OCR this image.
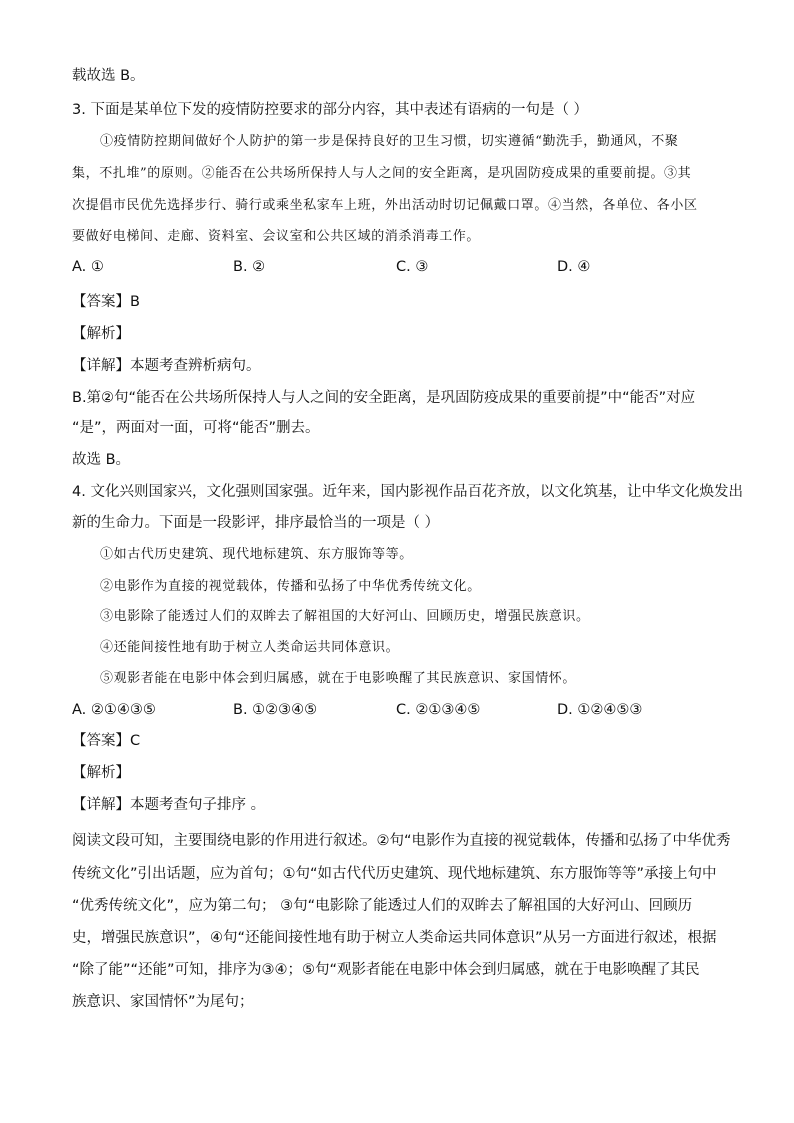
载故选 B。
3. 下面是某单位下发的疫情防控要求的部分内容，其中表述有语病的一句是（ ）
①疫情防控期间做好个人防护的第一步是保持良好的卫生习惯，切实遵循“勤洗手，勤通风，不聚
集，不扎堆”的原则。②能否在公共场所保持人与人之间的安全距离，是巩固防疫成果的重要前提。③其
次提倡市民优先选择步行、骑行或乘坐私家车上班，外出活动时切记佩戴口罩。④当然，各单位、各小区
要做好电梯间、走廊、资料室、会议室和公共区域的消杀消毒工作。
【答案】B
【解析】
【详解】本题考查辨析病句。
B.第②句“能否在公共场所保持人与人之间的安全距离，是巩固防疫成果的重要前提”中“能否”对应
“是”，两面对一面，可将“能否”删去。
故选 B。
4. 文化兴则国家兴，文化强则国家强。近年来，国内影视作品百花齐放，以文化筑基，让中华文化焕发出
新的生命力。下面是一段影评，排序最恰当的一项是（ ）
①如古代历史建筑、现代地标建筑、东方服饰等等。
②电影作为直接的视觉载体，传播和弘扬了中华优秀传统文化。
③电影除了能透过人们的双眸去了解祖国的大好河山、回顾历史，增强民族意识。
④还能间接性地有助于树立人类命运共同体意识。
⑤观影者能在电影中体会到归属感，就在于电影唤醒了其民族意识、家国情怀。
【答案】C
【解析】
【详解】本题考查句子排序 。
阅读文段可知，主要围绕电影的作用进行叙述。②句“电影作为直接的视觉载体，传播和弘扬了中华优秀
传统文化”引出话题，应为首句；①句“如古代代历史建筑、现代地标建筑、东方服饰等等”承接上句中
“优秀传统文化”，应为第二句； ③句“电影除了能透过人们的双眸去了解祖国的大好河山、回顾历
史，增强民族意识”，④句“还能间接性地有助于树立人类命运共同体意识”从另一方面进行叙述，根据
“除了能”“还能”可知，排序为③④；⑤句“观影者能在电影中体会到归属感，就在于电影唤醒了其民
族意识、家国情怀”为尾句；
A. ①	B. ②	C. ③	D. ④
A. ②①④③⑤	B. ①②③④⑤	C. ②①③④⑤	D. ①②④⑤③
